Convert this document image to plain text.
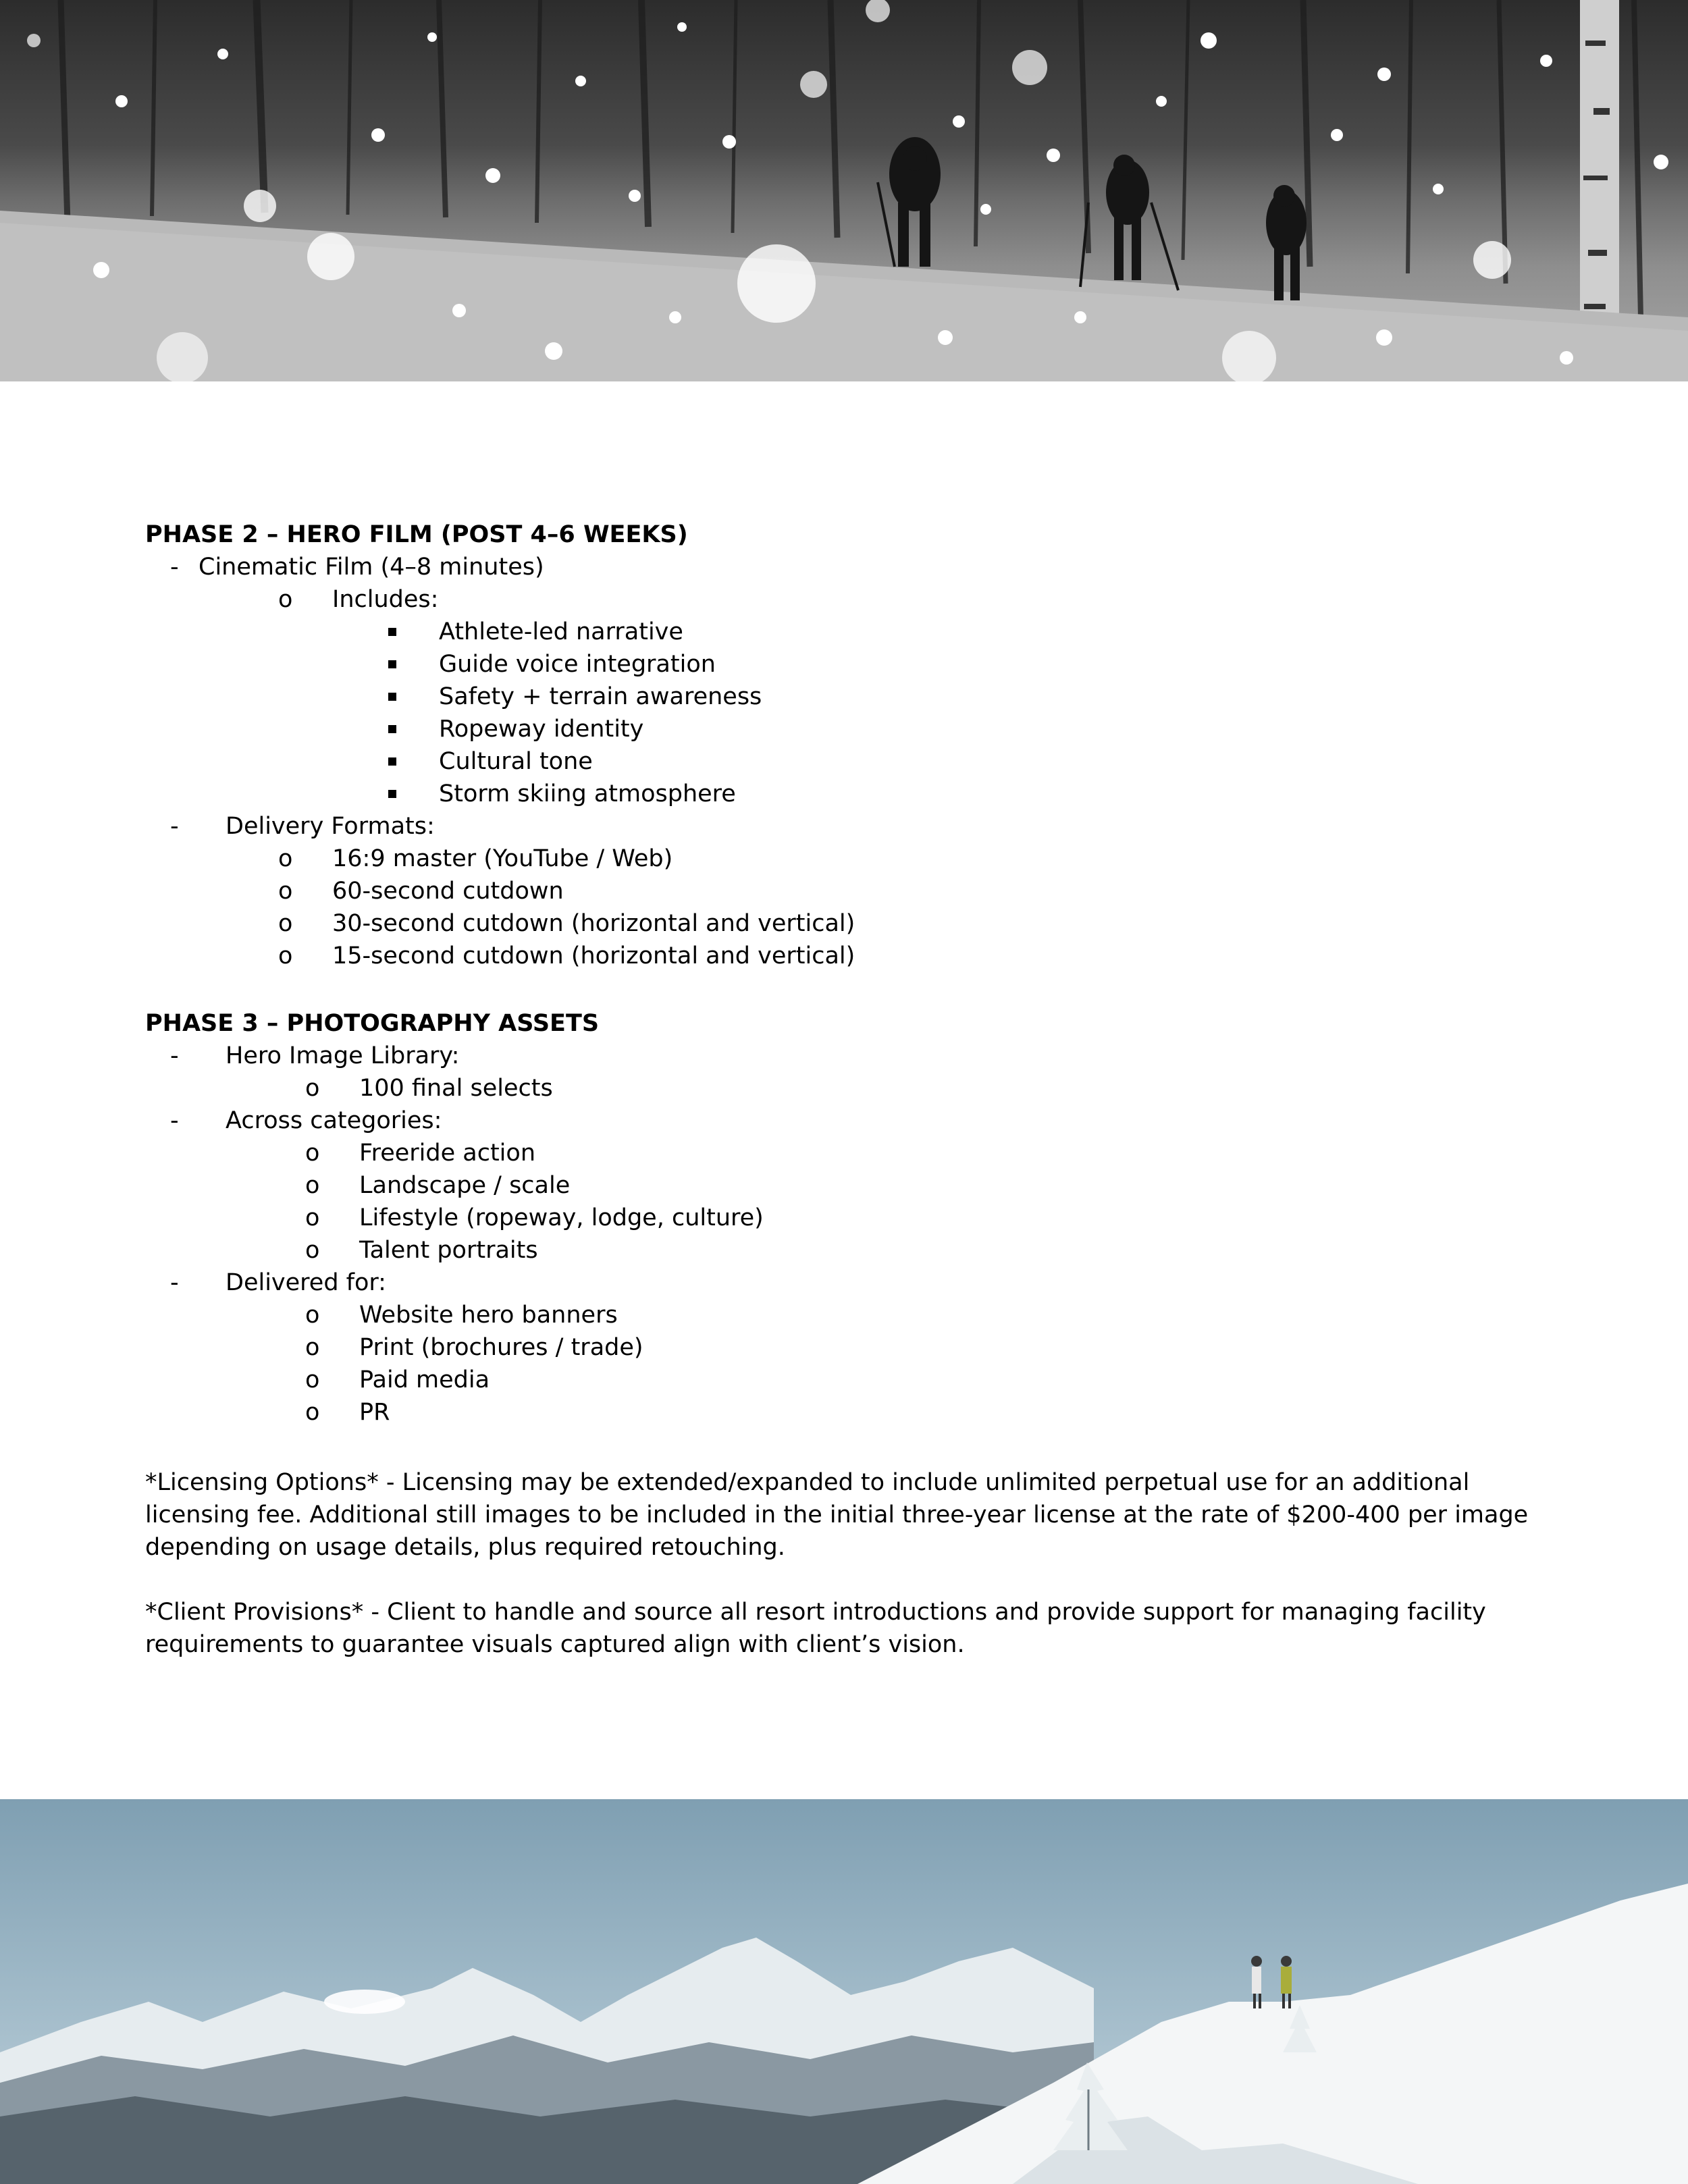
PHASE 2 – HERO FILM (POST 4–6 WEEKS)
- Cinematic Film (4–8 minutes)
o Includes:
Athlete-led narrative
Guide voice integration
Safety + terrain awareness
Ropeway identity
Cultural tone
Storm skiing atmosphere
- Delivery Formats:
o 16:9 master (YouTube / Web)
o 60-second cutdown
o 30-second cutdown (horizontal and vertical)
o 15-second cutdown (horizontal and vertical)
PHASE 3 – PHOTOGRAPHY ASSETS
- Hero Image Library:
o 100 final selects
- Across categories:
o Freeride action
o Landscape / scale
o Lifestyle (ropeway, lodge, culture)
o Talent portraits
- Delivered for:
o Website hero banners
o Print (brochures / trade)
o Paid media
o PR
*Licensing Options* - Licensing may be extended/expanded to include unlimited perpetual use for an additional licensing fee. Additional still images to be included in the initial three-year license at the rate of $200-400 per image depending on usage details, plus required retouching.
*Client Provisions* - Client to handle and source all resort introductions and provide support for managing facility requirements to guarantee visuals captured align with client’s vision.
